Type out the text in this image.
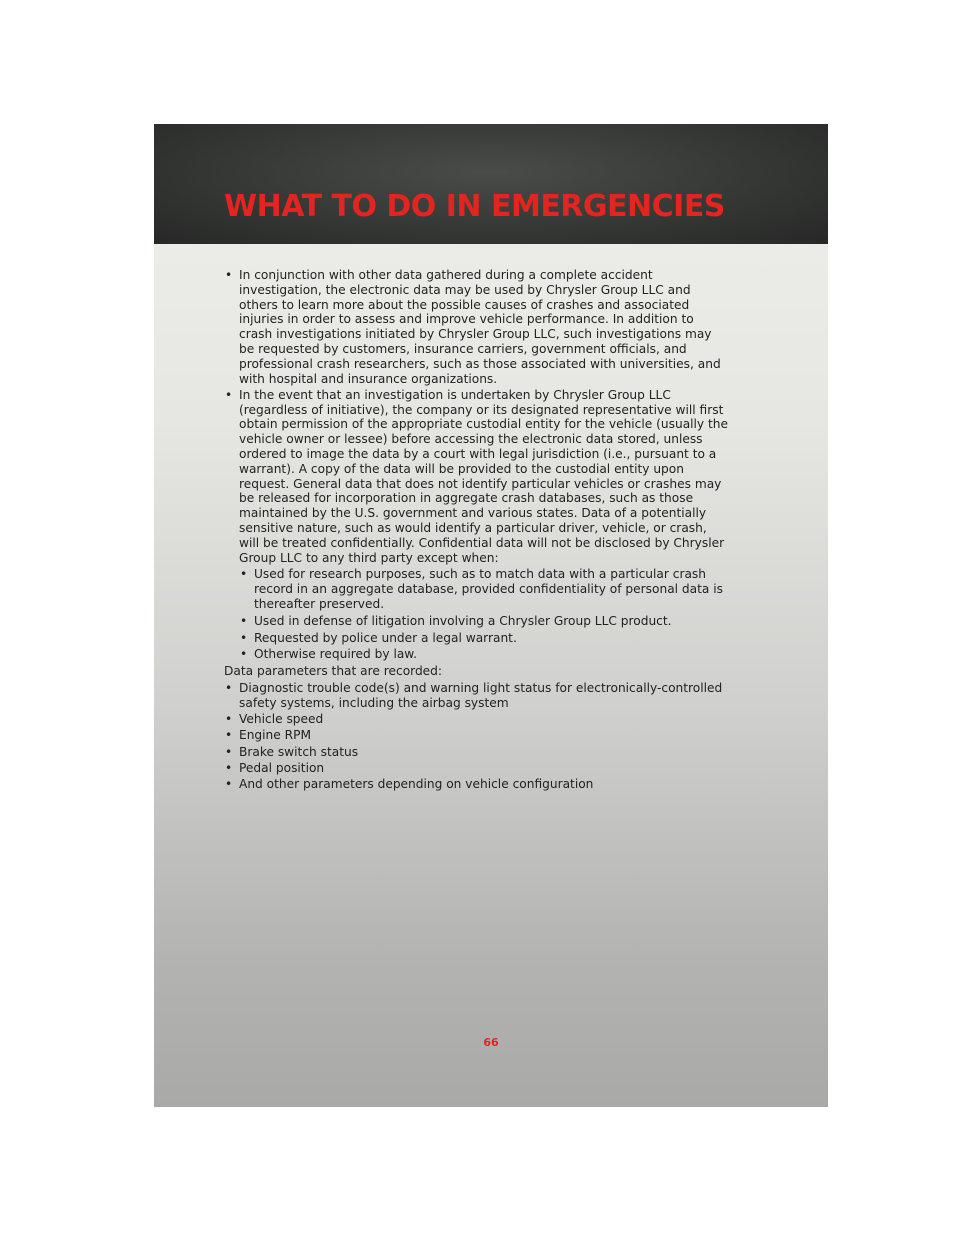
WHAT TO DO IN EMERGENCIES
• In conjunction with other data gathered during a complete accident investigation, the electronic data may be used by Chrysler Group LLC and others to learn more about the possible causes of crashes and associated injuries in order to assess and improve vehicle performance. In addition to crash investigations initiated by Chrysler Group LLC, such investigations may be requested by customers, insurance carriers, government officials, and professional crash researchers, such as those associated with universities, and with hospital and insurance organizations.
• In the event that an investigation is undertaken by Chrysler Group LLC (regardless of initiative), the company or its designated representative will first obtain permission of the appropriate custodial entity for the vehicle (usually the vehicle owner or lessee) before accessing the electronic data stored, unless ordered to image the data by a court with legal jurisdiction (i.e., pursuant to a warrant). A copy of the data will be provided to the custodial entity upon request. General data that does not identify particular vehicles or crashes may be released for incorporation in aggregate crash databases, such as those maintained by the U.S. government and various states. Data of a potentially sensitive nature, such as would identify a particular driver, vehicle, or crash, will be treated confidentially. Confidential data will not be disclosed by Chrysler Group LLC to any third party except when:
• Used for research purposes, such as to match data with a particular crash record in an aggregate database, provided confidentiality of personal data is thereafter preserved.
• Used in defense of litigation involving a Chrysler Group LLC product.
• Requested by police under a legal warrant.
• Otherwise required by law.
Data parameters that are recorded:
• Diagnostic trouble code(s) and warning light status for electronically-controlled safety systems, including the airbag system
• Vehicle speed
• Engine RPM
• Brake switch status
• Pedal position
• And other parameters depending on vehicle configuration
66
